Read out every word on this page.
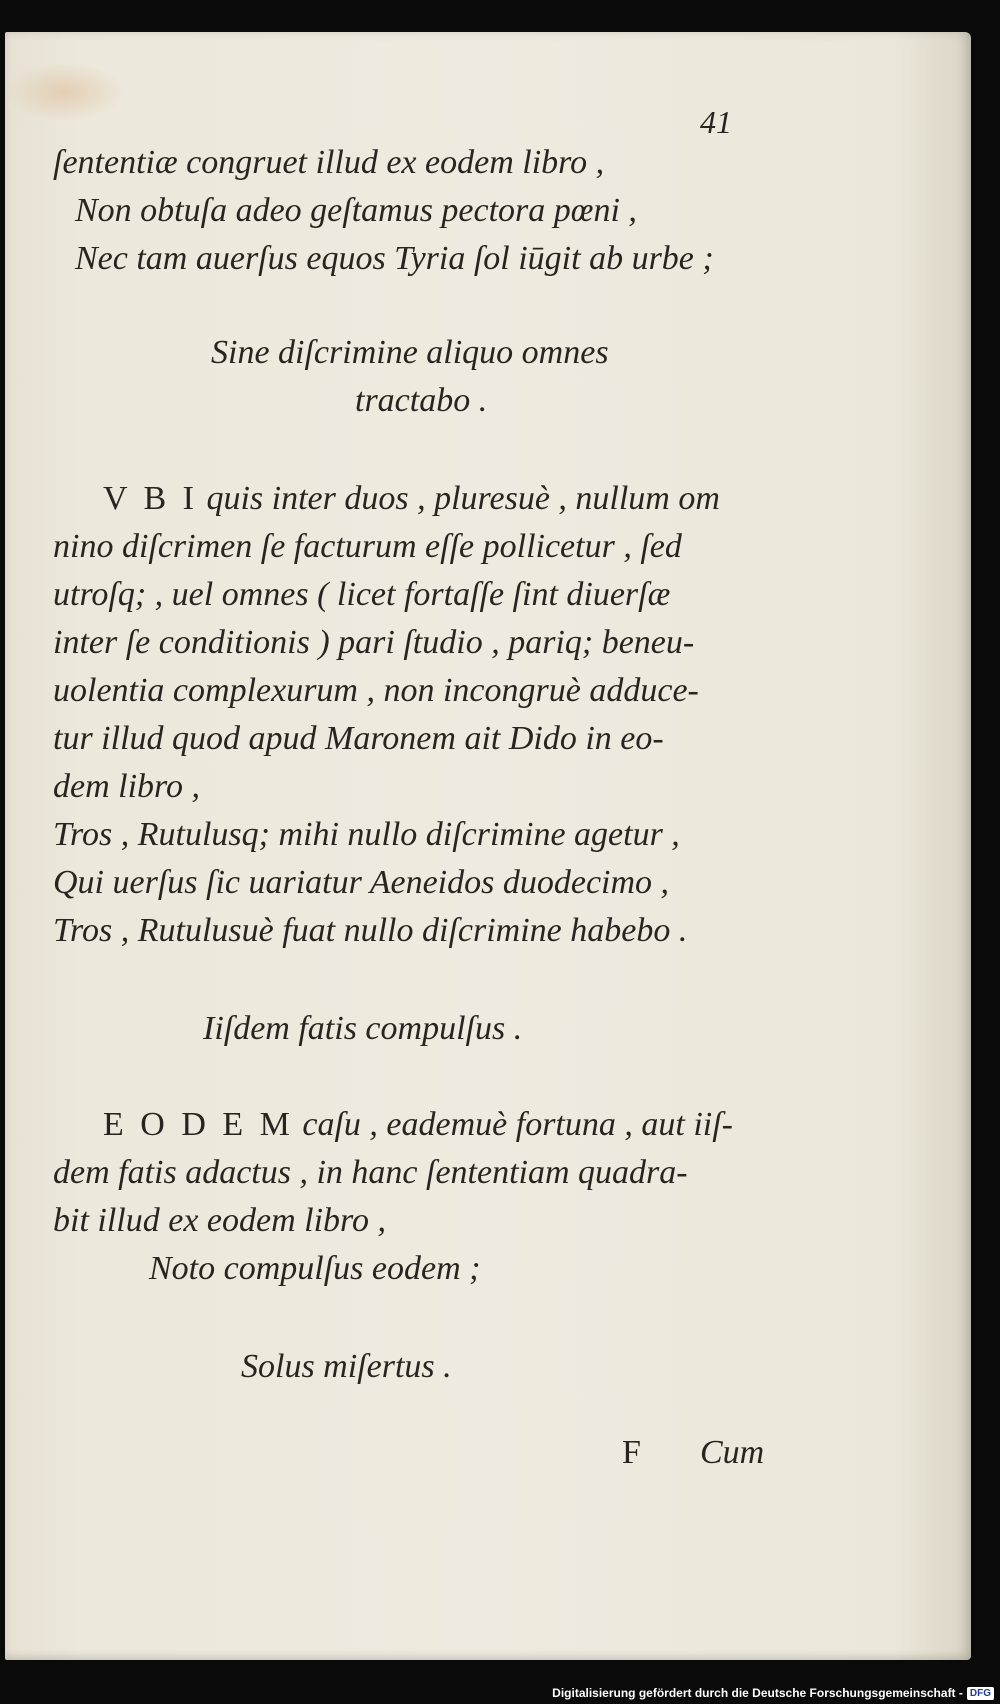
41
ſententiæ congruet illud ex eodem libro ,
Non obtuſa adeo geſtamus pectora pœni ,
Nec tam auerſus equos Tyria ſol iūgit ab urbe ;
Sine diſcrimine aliquo omnes
tractabo .
V B I quis inter duos , pluresuè , nullum om
nino diſcrimen ſe facturum eſſe pollicetur , ſed
utroſq; , uel omnes ( licet fortaſſe ſint diuerſæ
inter ſe conditionis ) pari ſtudio , pariq; beneu-
uolentia complexurum , non incongruè adduce-
tur illud quod apud Maronem ait Dido in eo-
dem libro ,
Tros , Rutulusq; mihi nullo diſcrimine agetur ,
Qui uerſus ſic uariatur Aeneidos duodecimo ,
Tros , Rutulusuè fuat nullo diſcrimine habebo .
Iiſdem fatis compulſus .
E O D E M caſu , eademuè fortuna , aut iiſ-
dem fatis adactus , in hanc ſententiam quadra-
bit illud ex eodem libro ,
Noto compulſus eodem ;
Solus miſertus .
F Cum
Digitalisierung gefördert durch die Deutsche Forschungsgemeinschaft - DFG
